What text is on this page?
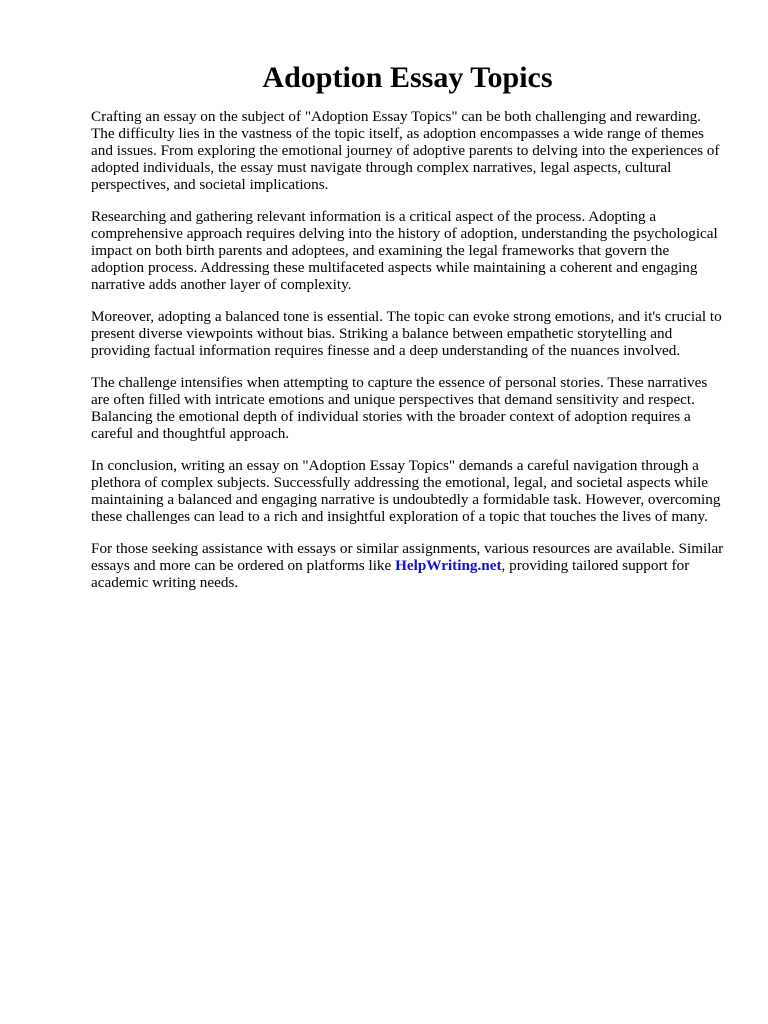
Adoption Essay Topics

Crafting an essay on the subject of "Adoption Essay Topics" can be both challenging and rewarding. The difficulty lies in the vastness of the topic itself, as adoption encompasses a wide range of themes and issues. From exploring the emotional journey of adoptive parents to delving into the experiences of adopted individuals, the essay must navigate through complex narratives, legal aspects, cultural perspectives, and societal implications.

Researching and gathering relevant information is a critical aspect of the process. Adopting a comprehensive approach requires delving into the history of adoption, understanding the psychological impact on both birth parents and adoptees, and examining the legal frameworks that govern the adoption process. Addressing these multifaceted aspects while maintaining a coherent and engaging narrative adds another layer of complexity.

Moreover, adopting a balanced tone is essential. The topic can evoke strong emotions, and it's crucial to present diverse viewpoints without bias. Striking a balance between empathetic storytelling and providing factual information requires finesse and a deep understanding of the nuances involved.

The challenge intensifies when attempting to capture the essence of personal stories. These narratives are often filled with intricate emotions and unique perspectives that demand sensitivity and respect. Balancing the emotional depth of individual stories with the broader context of adoption requires a careful and thoughtful approach.

In conclusion, writing an essay on "Adoption Essay Topics" demands a careful navigation through a plethora of complex subjects. Successfully addressing the emotional, legal, and societal aspects while maintaining a balanced and engaging narrative is undoubtedly a formidable task. However, overcoming these challenges can lead to a rich and insightful exploration of a topic that touches the lives of many.

For those seeking assistance with essays or similar assignments, various resources are available. Similar essays and more can be ordered on platforms like HelpWriting.net, providing tailored support for academic writing needs.
